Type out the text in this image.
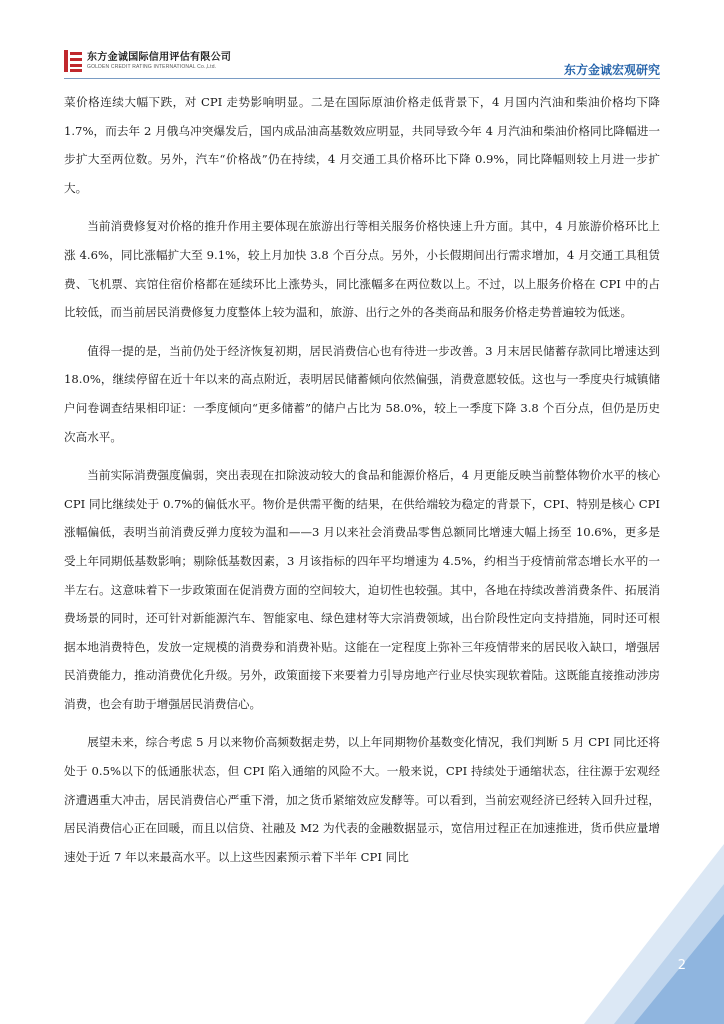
东方金诚国际信用评估有限公司
GOLDEN CREDIT RATING INTERNATIONAL Co.,Ltd.	东方金诚宏观研究

菜价格连续大幅下跌，对 CPI 走势影响明显。二是在国际原油价格走低背景下，4 月国内汽油和柴油价格均下降 1.7%，而去年 2 月俄乌冲突爆发后，国内成品油高基数效应明显，共同导致今年 4 月汽油和柴油价格同比降幅进一步扩大至两位数。另外，汽车“价格战”仍在持续，4 月交通工具价格环比下降 0.9%，同比降幅则较上月进一步扩大。

当前消费修复对价格的推升作用主要体现在旅游出行等相关服务价格快速上升方面。其中，4 月旅游价格环比上涨 4.6%，同比涨幅扩大至 9.1%，较上月加快 3.8 个百分点。另外，小长假期间出行需求增加，4 月交通工具租赁费、飞机票、宾馆住宿价格都在延续环比上涨势头，同比涨幅多在两位数以上。不过，以上服务价格在 CPI 中的占比较低，而当前居民消费修复力度整体上较为温和，旅游、出行之外的各类商品和服务价格走势普遍较为低迷。

值得一提的是，当前仍处于经济恢复初期，居民消费信心也有待进一步改善。3 月末居民储蓄存款同比增速达到 18.0%，继续停留在近十年以来的高点附近，表明居民储蓄倾向依然偏强，消费意愿较低。这也与一季度央行城镇储户问卷调查结果相印证：一季度倾向“更多储蓄”的储户占比为 58.0%，较上一季度下降 3.8 个百分点，但仍是历史次高水平。

当前实际消费强度偏弱，突出表现在扣除波动较大的食品和能源价格后，4 月更能反映当前整体物价水平的核心 CPI 同比继续处于 0.7%的偏低水平。物价是供需平衡的结果，在供给端较为稳定的背景下，CPI、特别是核心 CPI 涨幅偏低，表明当前消费反弹力度较为温和——3 月以来社会消费品零售总额同比增速大幅上扬至 10.6%，更多是受上年同期低基数影响；剔除低基数因素，3 月该指标的四年平均增速为 4.5%，约相当于疫情前常态增长水平的一半左右。这意味着下一步政策面在促消费方面的空间较大，迫切性也较强。其中，各地在持续改善消费条件、拓展消费场景的同时，还可针对新能源汽车、智能家电、绿色建材等大宗消费领域，出台阶段性定向支持措施，同时还可根据本地消费特色，发放一定规模的消费券和消费补贴。这能在一定程度上弥补三年疫情带来的居民收入缺口，增强居民消费能力，推动消费优化升级。另外，政策面接下来要着力引导房地产行业尽快实现软着陆。这既能直接推动涉房消费，也会有助于增强居民消费信心。

展望未来，综合考虑 5 月以来物价高频数据走势，以上年同期物价基数变化情况，我们判断 5 月 CPI 同比还将处于 0.5%以下的低通胀状态，但 CPI 陷入通缩的风险不大。一般来说，CPI 持续处于通缩状态，往往源于宏观经济遭遇重大冲击，居民消费信心严重下滑，加之货币紧缩效应发酵等。可以看到，当前宏观经济已经转入回升过程，居民消费信心正在回暖，而且以信贷、社融及 M2 为代表的金融数据显示，宽信用过程正在加速推进，货币供应量增速处于近 7 年以来最高水平。以上这些因素预示着下半年 CPI 同比

2
